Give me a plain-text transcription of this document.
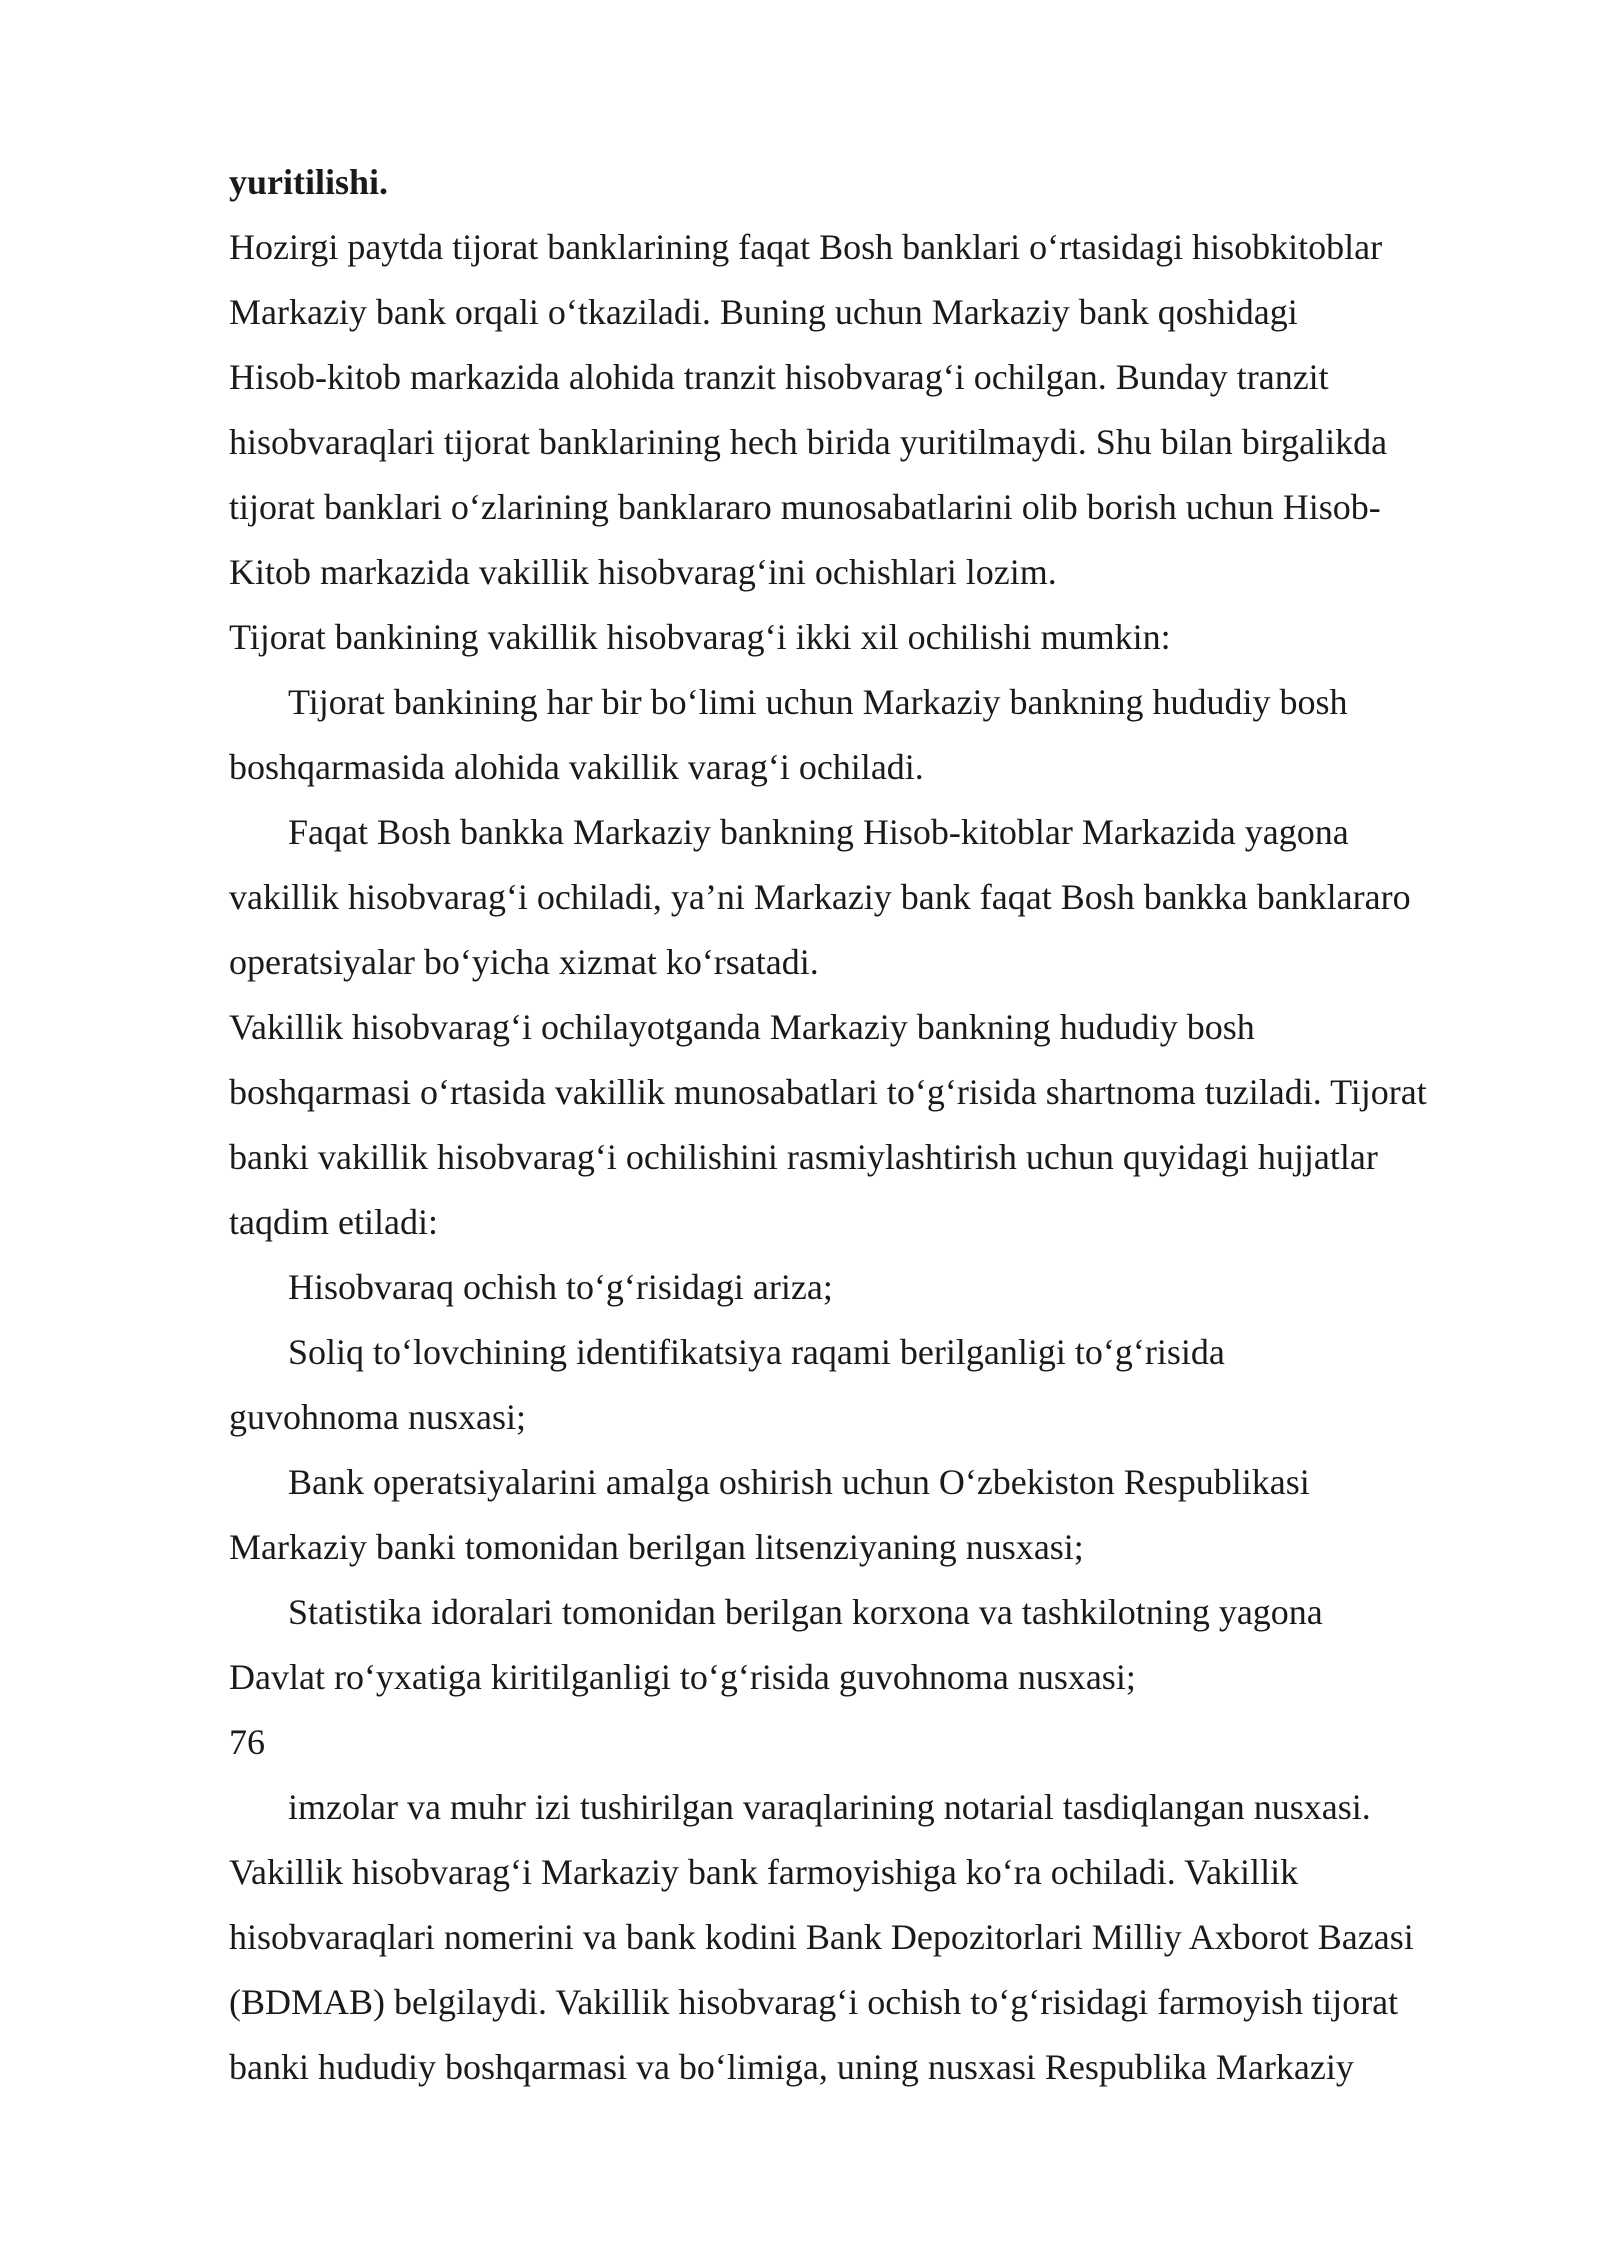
yuritilishi.
Hozirgi paytda tijorat banklarining faqat Bosh banklari o‘rtasidagi hisobkitoblar
Markaziy bank orqali o‘tkaziladi. Buning uchun Markaziy bank qoshidagi
Hisob-kitob markazida alohida tranzit hisobvarag‘i ochilgan. Bunday tranzit
hisobvaraqlari tijorat banklarining hech birida yuritilmaydi. Shu bilan birgalikda
tijorat banklari o‘zlarining banklararo munosabatlarini olib borish uchun Hisob-
Kitob markazida vakillik hisobvarag‘ini ochishlari lozim.
Tijorat bankining vakillik hisobvarag‘i ikki xil ochilishi mumkin:
Tijorat bankining har bir bo‘limi uchun Markaziy bankning hududiy bosh
boshqarmasida alohida vakillik varag‘i ochiladi.
Faqat Bosh bankka Markaziy bankning Hisob-kitoblar Markazida yagona
vakillik hisobvarag‘i ochiladi, ya’ni Markaziy bank faqat Bosh bankka banklararo
operatsiyalar bo‘yicha xizmat ko‘rsatadi.
Vakillik hisobvarag‘i ochilayotganda Markaziy bankning hududiy bosh
boshqarmasi o‘rtasida vakillik munosabatlari to‘g‘risida shartnoma tuziladi. Tijorat
banki vakillik hisobvarag‘i ochilishini rasmiylashtirish uchun quyidagi hujjatlar
taqdim etiladi:
Hisobvaraq ochish to‘g‘risidagi ariza;
Soliq to‘lovchining identifikatsiya raqami berilganligi to‘g‘risida
guvohnoma nusxasi;
Bank operatsiyalarini amalga oshirish uchun O‘zbekiston Respublikasi
Markaziy banki tomonidan berilgan litsenziyaning nusxasi;
Statistika idoralari tomonidan berilgan korxona va tashkilotning yagona
Davlat ro‘yxatiga kiritilganligi to‘g‘risida guvohnoma nusxasi;
76
imzolar va muhr izi tushirilgan varaqlarining notarial tasdiqlangan nusxasi.
Vakillik hisobvarag‘i Markaziy bank farmoyishiga ko‘ra ochiladi. Vakillik
hisobvaraqlari nomerini va bank kodini Bank Depozitorlari Milliy Axborot Bazasi
(BDMAB) belgilaydi. Vakillik hisobvarag‘i ochish to‘g‘risidagi farmoyish tijorat
banki hududiy boshqarmasi va bo‘limiga, uning nusxasi Respublika Markaziy
